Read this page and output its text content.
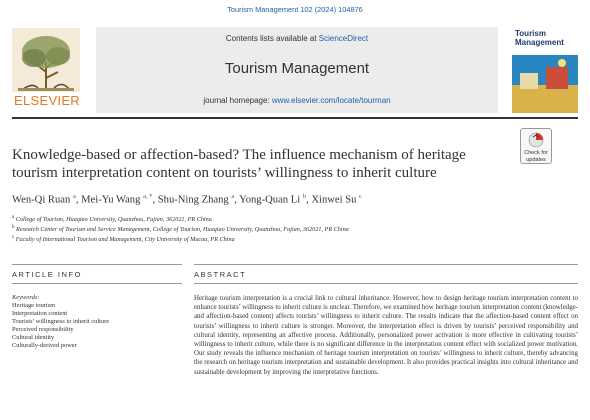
Tourism Management 102 (2024) 104876
ELSEVIER
Contents lists available at ScienceDirect
Tourism Management
journal homepage: www.elsevier.com/locate/tourman
Tourism Management
Check for updates
Knowledge-based or affection-based? The influence mechanism of heritage tourism interpretation content on tourists’ willingness to inherit culture
Wen-Qi Ruan $^a$, Mei-Yu Wang $^{a, *}$, Shu-Ning Zhang $^a$, Yong-Quan Li $^b$, Xinwei Su $^c$
$^a$ College of Tourism, Huaqiao University, Quanzhou, Fujian, 362021, PR China
$^b$ Research Center of Tourism and Service Management, College of Tourism, Huaqiao University, Quanzhou, Fujian, 362021, PR China
$^c$ Faculty of International Tourism and Management, City University of Macau, PR China
ARTICLE INFO
Keywords:
Heritage tourism
Interpretation content
Tourists’ willingness to inherit culture
Perceived responsibility
Cultural identity
Culturally-derived power
ABSTRACT
Heritage tourism interpretation is a crucial link to cultural inheritance. However, how to design heritage tourism interpretation content to enhance tourists’ willingness to inherit culture is unclear. Therefore, we examined how heritage tourism interpretation content (knowledge- and affection-based content) affects tourists’ willingness to inherit culture. The results indicate that the affection-based content effect on tourists’ willingness to inherit culture is stronger. Moreover, the interpretation effect is driven by tourists’ perceived responsibility and cultural identity, representing an affective process. Additionally, personalized power activation is more effective in cultivating tourists’ willingness to inherit culture, while there is no significant difference in the interpretation content effect with socialized power motivation. Our study reveals the influence mechanism of heritage tourism interpretation on tourists’ willingness to inherit culture, thereby advancing the research on heritage tourism interpretation and sustainable development. It also provides practical insights into cultural inheritance and sustainable development by improving the interpretative functions.
